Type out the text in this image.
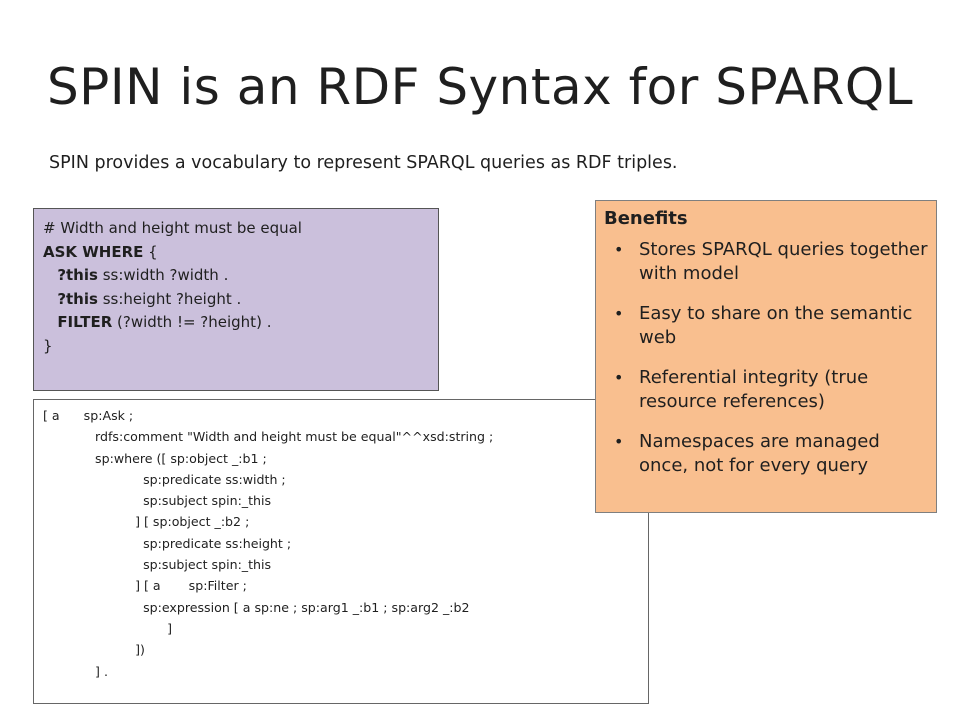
SPIN is an RDF Syntax for SPARQL
SPIN provides a vocabulary to represent SPARQL queries as RDF triples.
# Width and height must be equal
ASK WHERE {
?this ss:width ?width .
?this ss:height ?height .
FILTER (?width != ?height) .
}
[ a      sp:Ask ;
rdfs:comment "Width and height must be equal"^^xsd:string ;
sp:where ([ sp:object _:b1 ;
sp:predicate ss:width ;
sp:subject spin:_this
] [ sp:object _:b2 ;
sp:predicate ss:height ;
sp:subject spin:_this
] [ a       sp:Filter ;
sp:expression [ a sp:ne ; sp:arg1 _:b1 ; sp:arg2 _:b2
]
])
] .
Benefits
• Stores SPARQL queries together with model
• Easy to share on the semantic web
• Referential integrity (true resource references)
• Namespaces are managed once, not for every query
